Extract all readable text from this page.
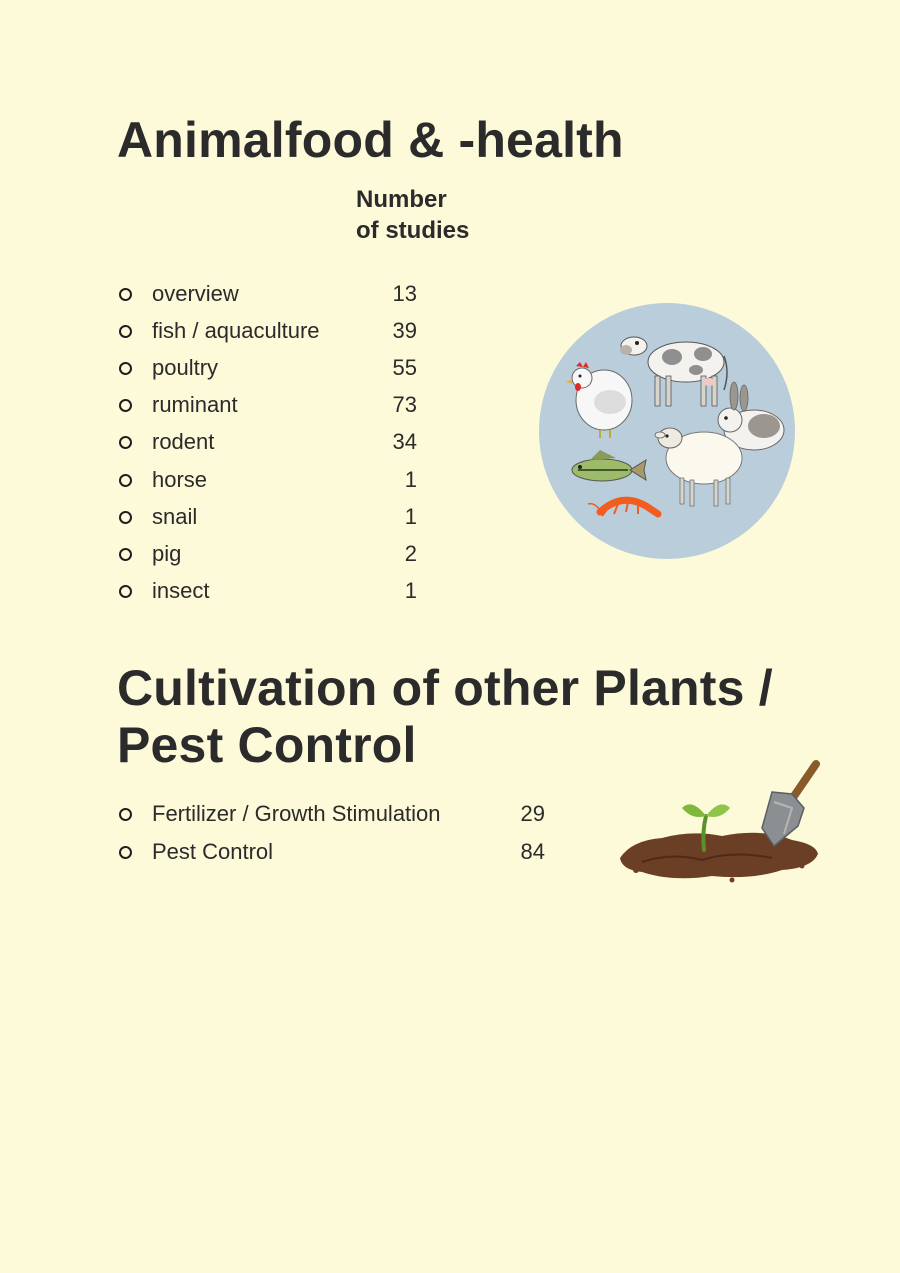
Animalfood & -health
Number
of studies
overview	13
fish / aquaculture	39
poultry	55
ruminant	73
rodent	34
horse	1
snail	1
pig	2
insect	1
Cultivation of other Plants /
Pest Control
Fertilizer / Growth Stimulation	29
Pest Control	84
